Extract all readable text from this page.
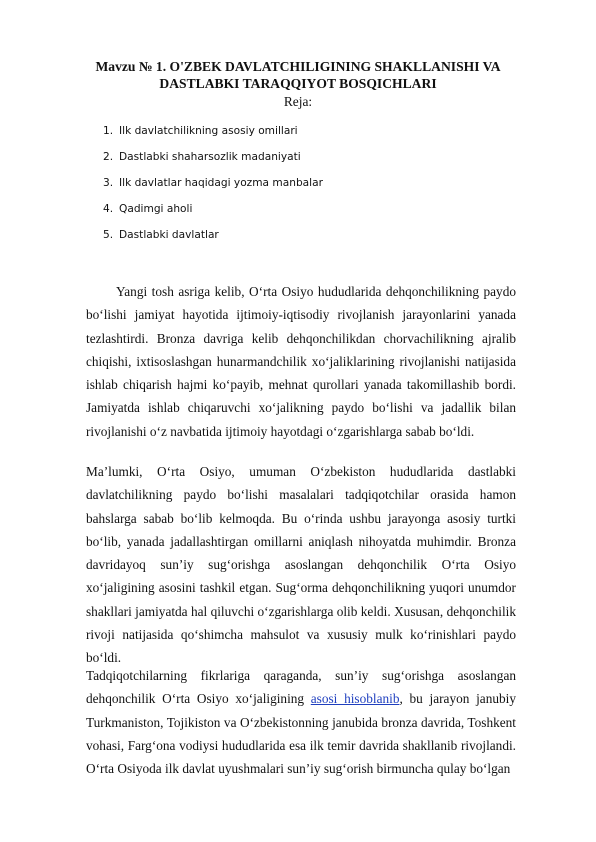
Mavzu № 1. O'ZBEK DAVLATCHILIGINING SHAKLLANISHI VA
DASTLABKI TARAQQIYOT BOSQICHLARI

Reja:

1. Ilk davlatchilikning asosiy omillari
2. Dastlabki shaharsozlik madaniyati
3. Ilk davlatlar haqidagi yozma manbalar
4. Qadimgi aholi
5. Dastlabki davlatlar

Yangi tosh asriga kelib, O‘rta Osiyo hududlarida dehqonchilikning paydo bo‘lishi jamiyat hayotida ijtimoiy-iqtisodiy rivojlanish jarayonlarini yanada tezlashtirdi. Bronza davriga kelib dehqonchilikdan chorvachilikning ajralib chiqishi, ixtisoslashgan hunarmandchilik xo‘jaliklarining rivojlanishi natijasida ishlab chiqarish hajmi ko‘payib, mehnat qurollari yanada takomillashib bordi. Jamiyatda ishlab chiqaruvchi xo‘jalikning paydo bo‘lishi va jadallik bilan rivojlanishi o‘z navbatida ijtimoiy hayotdagi o‘zgarishlarga sabab bo‘ldi.

Ma’lumki, O‘rta Osiyo, umuman O‘zbekiston hududlarida dastlabki davlatchilikning paydo bo‘lishi masalalari tadqiqotchilar orasida hamon bahslarga sabab bo‘lib kelmoqda. Bu o‘rinda ushbu jarayonga asosiy turtki bo‘lib, yanada jadallashtirgan omillarni aniqlash nihoyatda muhimdir. Bronza davridayoq sun’iy sug‘orishga asoslangan dehqonchilik O‘rta Osiyo xo‘jaligining asosini tashkil etgan. Sug‘orma dehqonchilikning yuqori unumdor shakllari jamiyatda hal qiluvchi o‘zgarishlarga olib keldi. Xususan, dehqonchilik rivoji natijasida qo‘shimcha mahsulot va xususiy mulk ko‘rinishlari paydo bo‘ldi.

Tadqiqotchilarning fikrlariga qaraganda, sun’iy sug‘orishga asoslangan dehqonchilik O‘rta Osiyo xo‘jaligining asosi hisoblanib, bu jarayon janubiy Turkmaniston, Tojikiston va O‘zbekistonning janubida bronza davrida, Toshkent vohasi, Farg‘ona vodiysi hududlarida esa ilk temir davrida shakllanib rivojlandi. O‘rta Osiyoda ilk davlat uyushmalari sun’iy sug‘orish birmuncha qulay bo‘lgan
